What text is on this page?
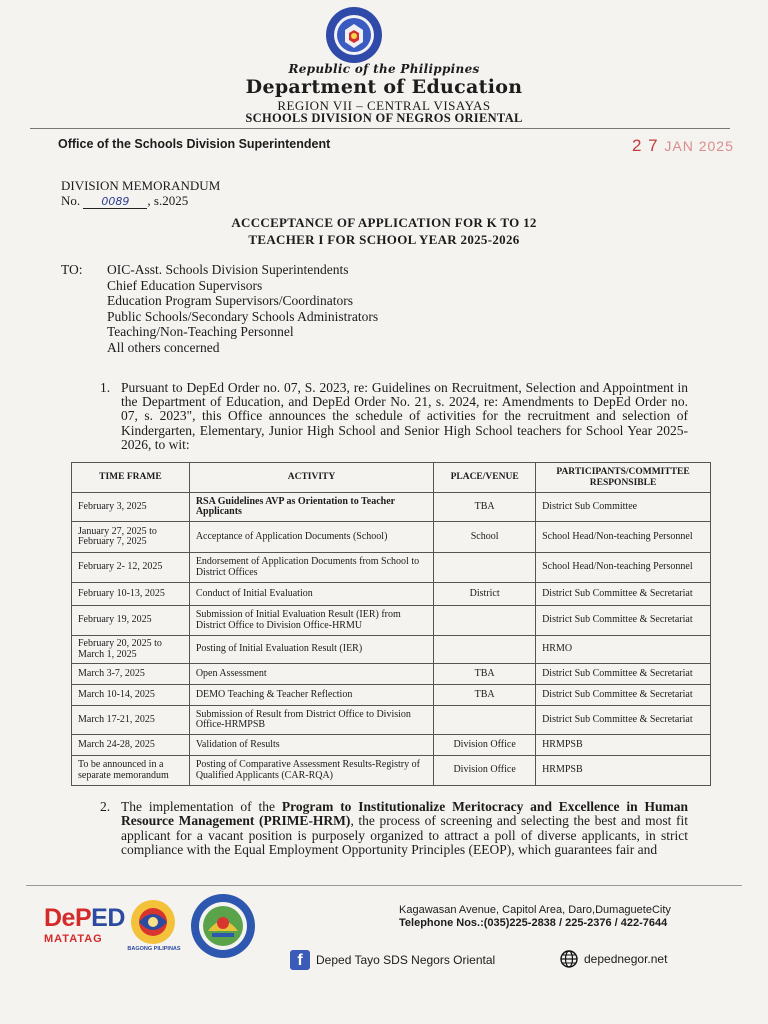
Republic of the Philippines
Department of Education
REGION VII – CENTRAL VISAYAS
SCHOOLS DIVISION OF NEGROS ORIENTAL
Office of the Schools Division Superintendent	2 7 JAN 2025
DIVISION MEMORANDUM
No. 0089 , s.2025
ACCCEPTANCE OF APPLICATION FOR K TO 12
TEACHER I FOR SCHOOL YEAR 2025-2026
TO: OIC-Asst. Schools Division Superintendents
Chief Education Supervisors
Education Program Supervisors/Coordinators
Public Schools/Secondary Schools Administrators
Teaching/Non-Teaching Personnel
All others concerned
1. Pursuant to DepEd Order no. 07, S. 2023, re: Guidelines on Recruitment, Selection and Appointment in the Department of Education, and DepEd Order No. 21, s. 2024, re: Amendments to DepEd Order no. 07, s. 2023", this Office announces the schedule of activities for the recruitment and selection of Kindergarten, Elementary, Junior High School and Senior High School teachers for School Year 2025-2026, to wit:
TIME FRAME	ACTIVITY	PLACE/VENUE	PARTICIPANTS/COMMITTEE RESPONSIBLE
February 3, 2025	RSA Guidelines AVP as Orientation to Teacher Applicants	TBA	District Sub Committee
January 27, 2025 to February 7, 2025	Acceptance of Application Documents (School)	School	School Head/Non-teaching Personnel
February 2- 12, 2025	Endorsement of Application Documents from School to District Offices		School Head/Non-teaching Personnel
February 10-13, 2025	Conduct of Initial Evaluation	District	District Sub Committee & Secretariat
February 19, 2025	Submission of Initial Evaluation Result (IER) from District Office to Division Office-HRMU		District Sub Committee & Secretariat
February 20, 2025 to March 1, 2025	Posting of Initial Evaluation Result (IER)		HRMO
March 3-7, 2025	Open Assessment	TBA	District Sub Committee & Secretariat
March 10-14, 2025	DEMO Teaching & Teacher Reflection	TBA	District Sub Committee & Secretariat
March 17-21, 2025	Submission of Result from District Office to Division Office-HRMPSB		District Sub Committee & Secretariat
March 24-28, 2025	Validation of Results	Division Office	HRMPSB
To be announced in a separate memorandum	Posting of Comparative Assessment Results-Registry of Qualified Applicants (CAR-RQA)	Division Office	HRMPSB
2. The implementation of the Program to Institutionalize Meritocracy and Excellence in Human Resource Management (PRIME-HRM), the process of screening and selecting the best and most fit applicant for a vacant position is purposely organized to attract a poll of diverse applicants, in strict compliance with the Equal Employment Opportunity Principles (EEOP), which guarantees fair and
DePED
MATATAG
BAGONG PILIPINAS
Kagawasan Avenue, Capitol Area, Daro,DumagueteCity
Telephone Nos.:(035)225-2838 / 225-2376 / 422-7644
f	Deped Tayo SDS Negors Oriental	depednegor.net
